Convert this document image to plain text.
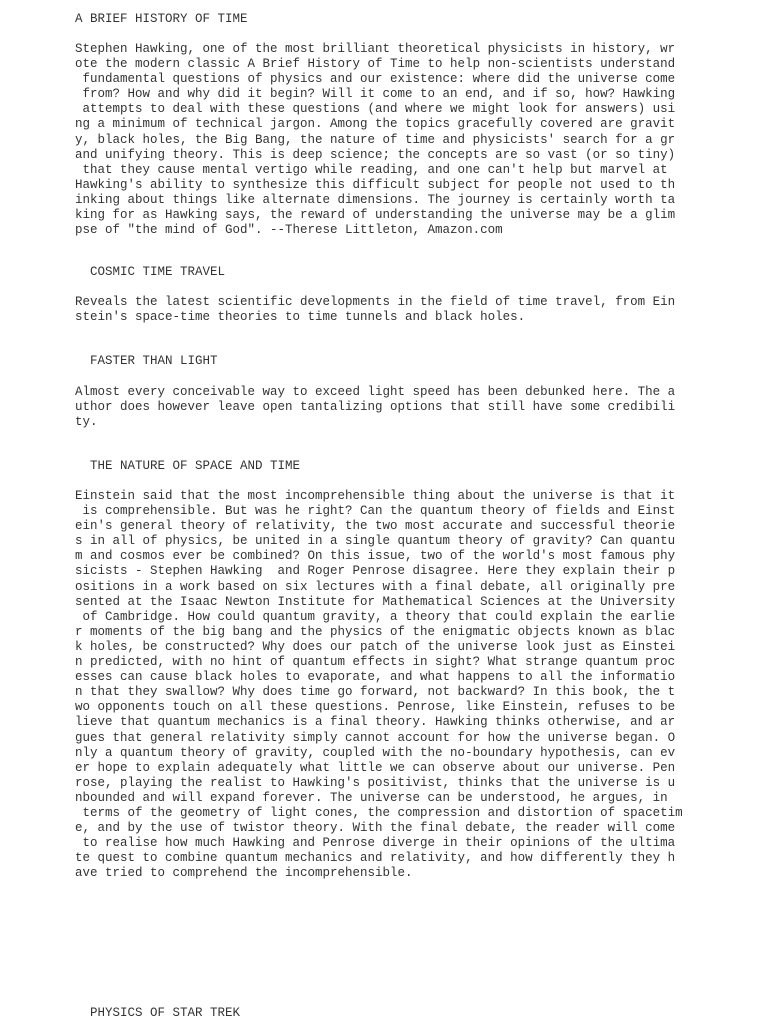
A BRIEF HISTORY OF TIME
Stephen Hawking, one of the most brilliant theoretical physicists in history, wr
ote the modern classic A Brief History of Time to help non-scientists understand
fundamental questions of physics and our existence: where did the universe come
from? How and why did it begin? Will it come to an end, and if so, how? Hawking
attempts to deal with these questions (and where we might look for answers) usi
ng a minimum of technical jargon. Among the topics gracefully covered are gravit
y, black holes, the Big Bang, the nature of time and physicists' search for a gr
and unifying theory. This is deep science; the concepts are so vast (or so tiny)
that they cause mental vertigo while reading, and one can't help but marvel at
Hawking's ability to synthesize this difficult subject for people not used to th
inking about things like alternate dimensions. The journey is certainly worth ta
king for as Hawking says, the reward of understanding the universe may be a glim
pse of "the mind of God". --Therese Littleton, Amazon.com
COSMIC TIME TRAVEL
Reveals the latest scientific developments in the field of time travel, from Ein
stein's space-time theories to time tunnels and black holes.
FASTER THAN LIGHT
Almost every conceivable way to exceed light speed has been debunked here. The a
uthor does however leave open tantalizing options that still have some credibili
ty.
THE NATURE OF SPACE AND TIME
Einstein said that the most incomprehensible thing about the universe is that it
is comprehensible. But was he right? Can the quantum theory of fields and Einst
ein's general theory of relativity, the two most accurate and successful theorie
s in all of physics, be united in a single quantum theory of gravity? Can quantu
m and cosmos ever be combined? On this issue, two of the world's most famous phy
sicists - Stephen Hawking  and Roger Penrose disagree. Here they explain their p
ositions in a work based on six lectures with a final debate, all originally pre
sented at the Isaac Newton Institute for Mathematical Sciences at the University
of Cambridge. How could quantum gravity, a theory that could explain the earlie
r moments of the big bang and the physics of the enigmatic objects known as blac
k holes, be constructed? Why does our patch of the universe look just as Einstei
n predicted, with no hint of quantum effects in sight? What strange quantum proc
esses can cause black holes to evaporate, and what happens to all the informatio
n that they swallow? Why does time go forward, not backward? In this book, the t
wo opponents touch on all these questions. Penrose, like Einstein, refuses to be
lieve that quantum mechanics is a final theory. Hawking thinks otherwise, and ar
gues that general relativity simply cannot account for how the universe began. O
nly a quantum theory of gravity, coupled with the no-boundary hypothesis, can ev
er hope to explain adequately what little we can observe about our universe. Pen
rose, playing the realist to Hawking's positivist, thinks that the universe is u
nbounded and will expand forever. The universe can be understood, he argues, in
terms of the geometry of light cones, the compression and distortion of spacetim
e, and by the use of twistor theory. With the final debate, the reader will come
to realise how much Hawking and Penrose diverge in their opinions of the ultima
te quest to combine quantum mechanics and relativity, and how differently they h
ave tried to comprehend the incomprehensible.
PHYSICS OF STAR TREK
